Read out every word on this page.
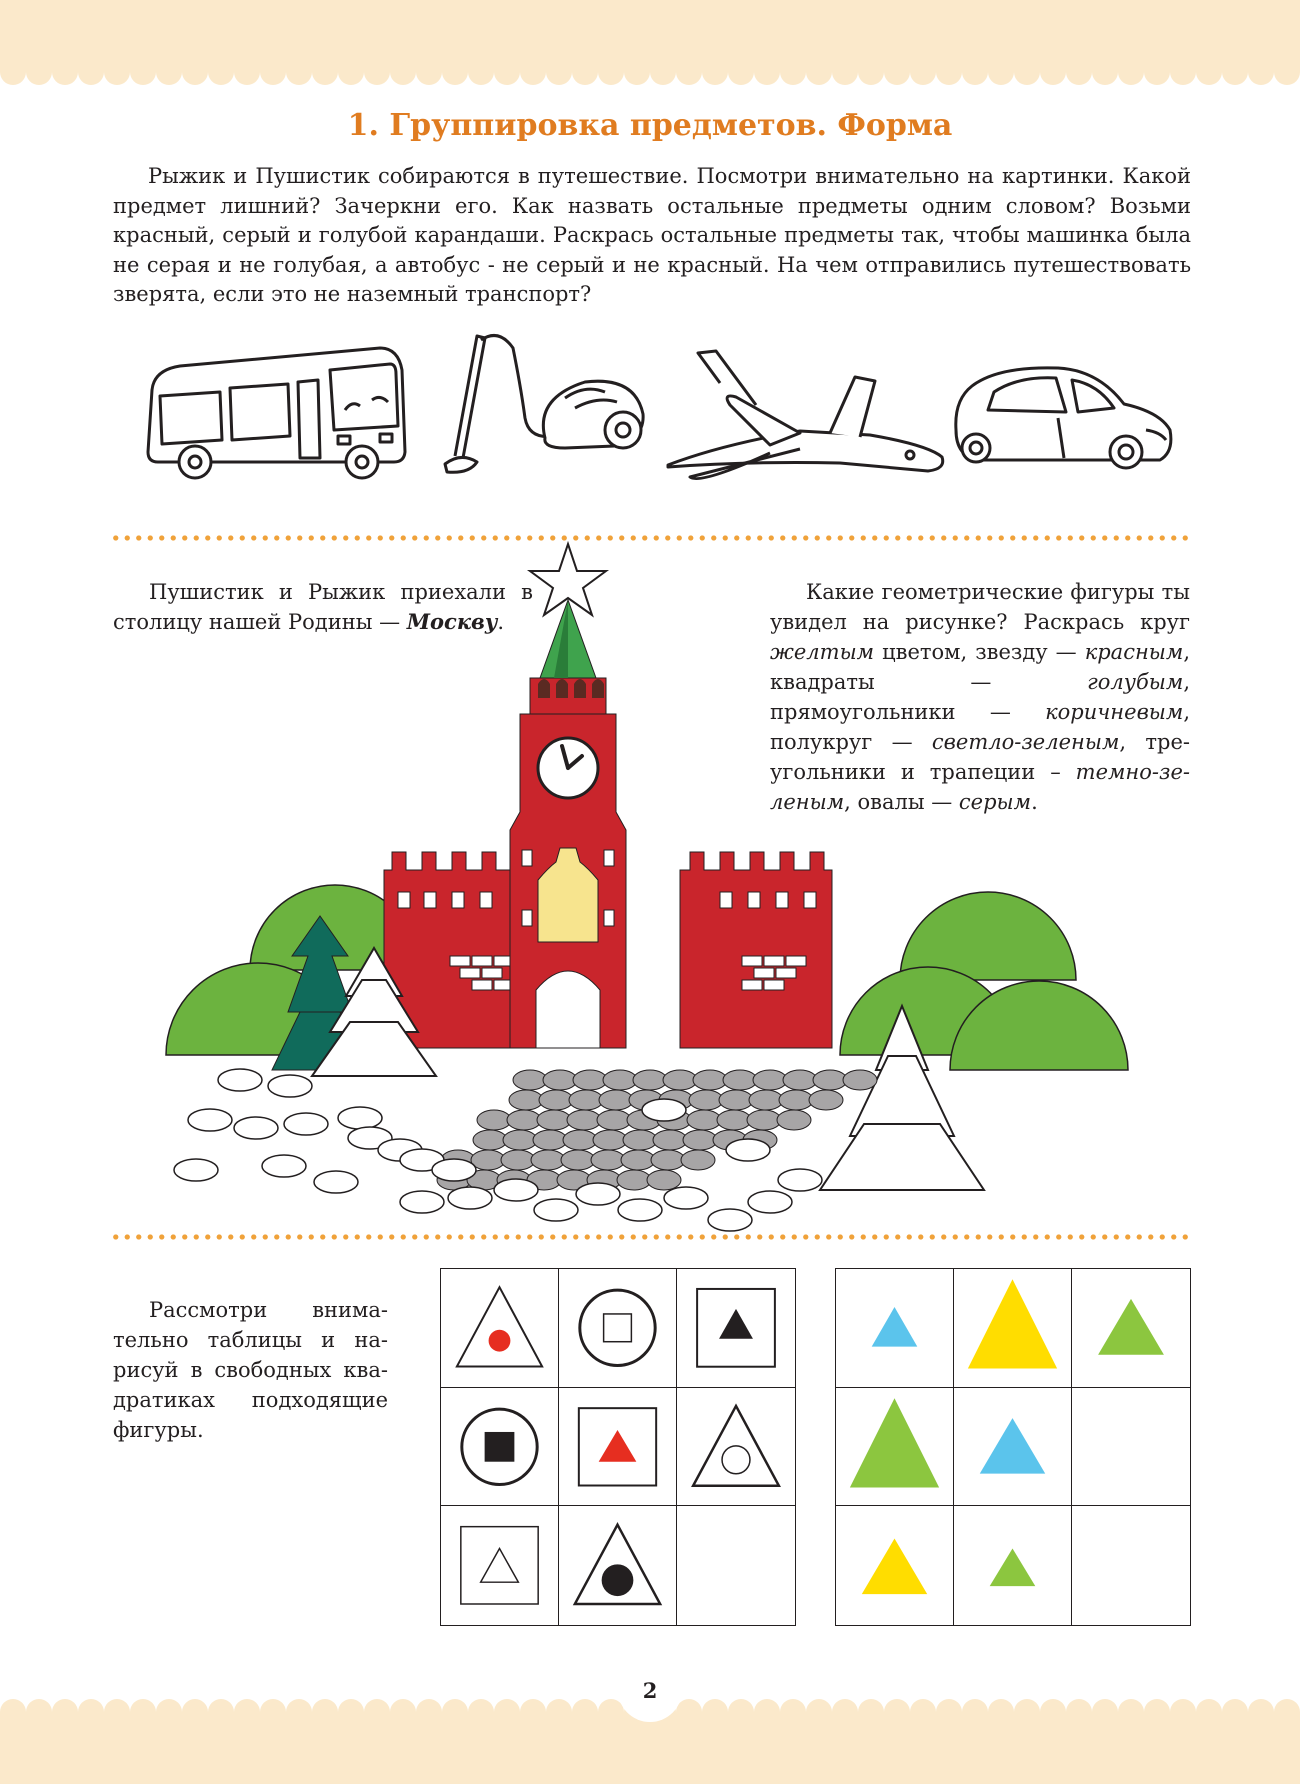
1. Группировка предметов. Форма

Рыжик и Пушистик собираются в путешествие. Посмотри внимательно на картинки. Какой предмет лишний? Зачеркни его. Как назвать остальные предметы одним словом? Возьми красный, серый и голубой карандаши. Раскрась остальные предметы так, чтобы машинка была не серая и не голубая, а автобус - не серый и не красный. На чем отправились путешествовать зверята, если это не наземный транспорт?

Пушистик и Рыжик приехали в столицу нашей Родины — Москву.

Какие геометрические фигуры ты увидел на рисунке? Раскрась круг желтым цветом, звезду — красным, квадраты — голубым, прямоугольники — коричневым, полукруг — светло-зеленым, треугольники и трапеции – темно-зеленым, овалы — серым.

Рассмотри внимательно таблицы и нарисуй в свободных квадратиках подходящие фигуры.

2
